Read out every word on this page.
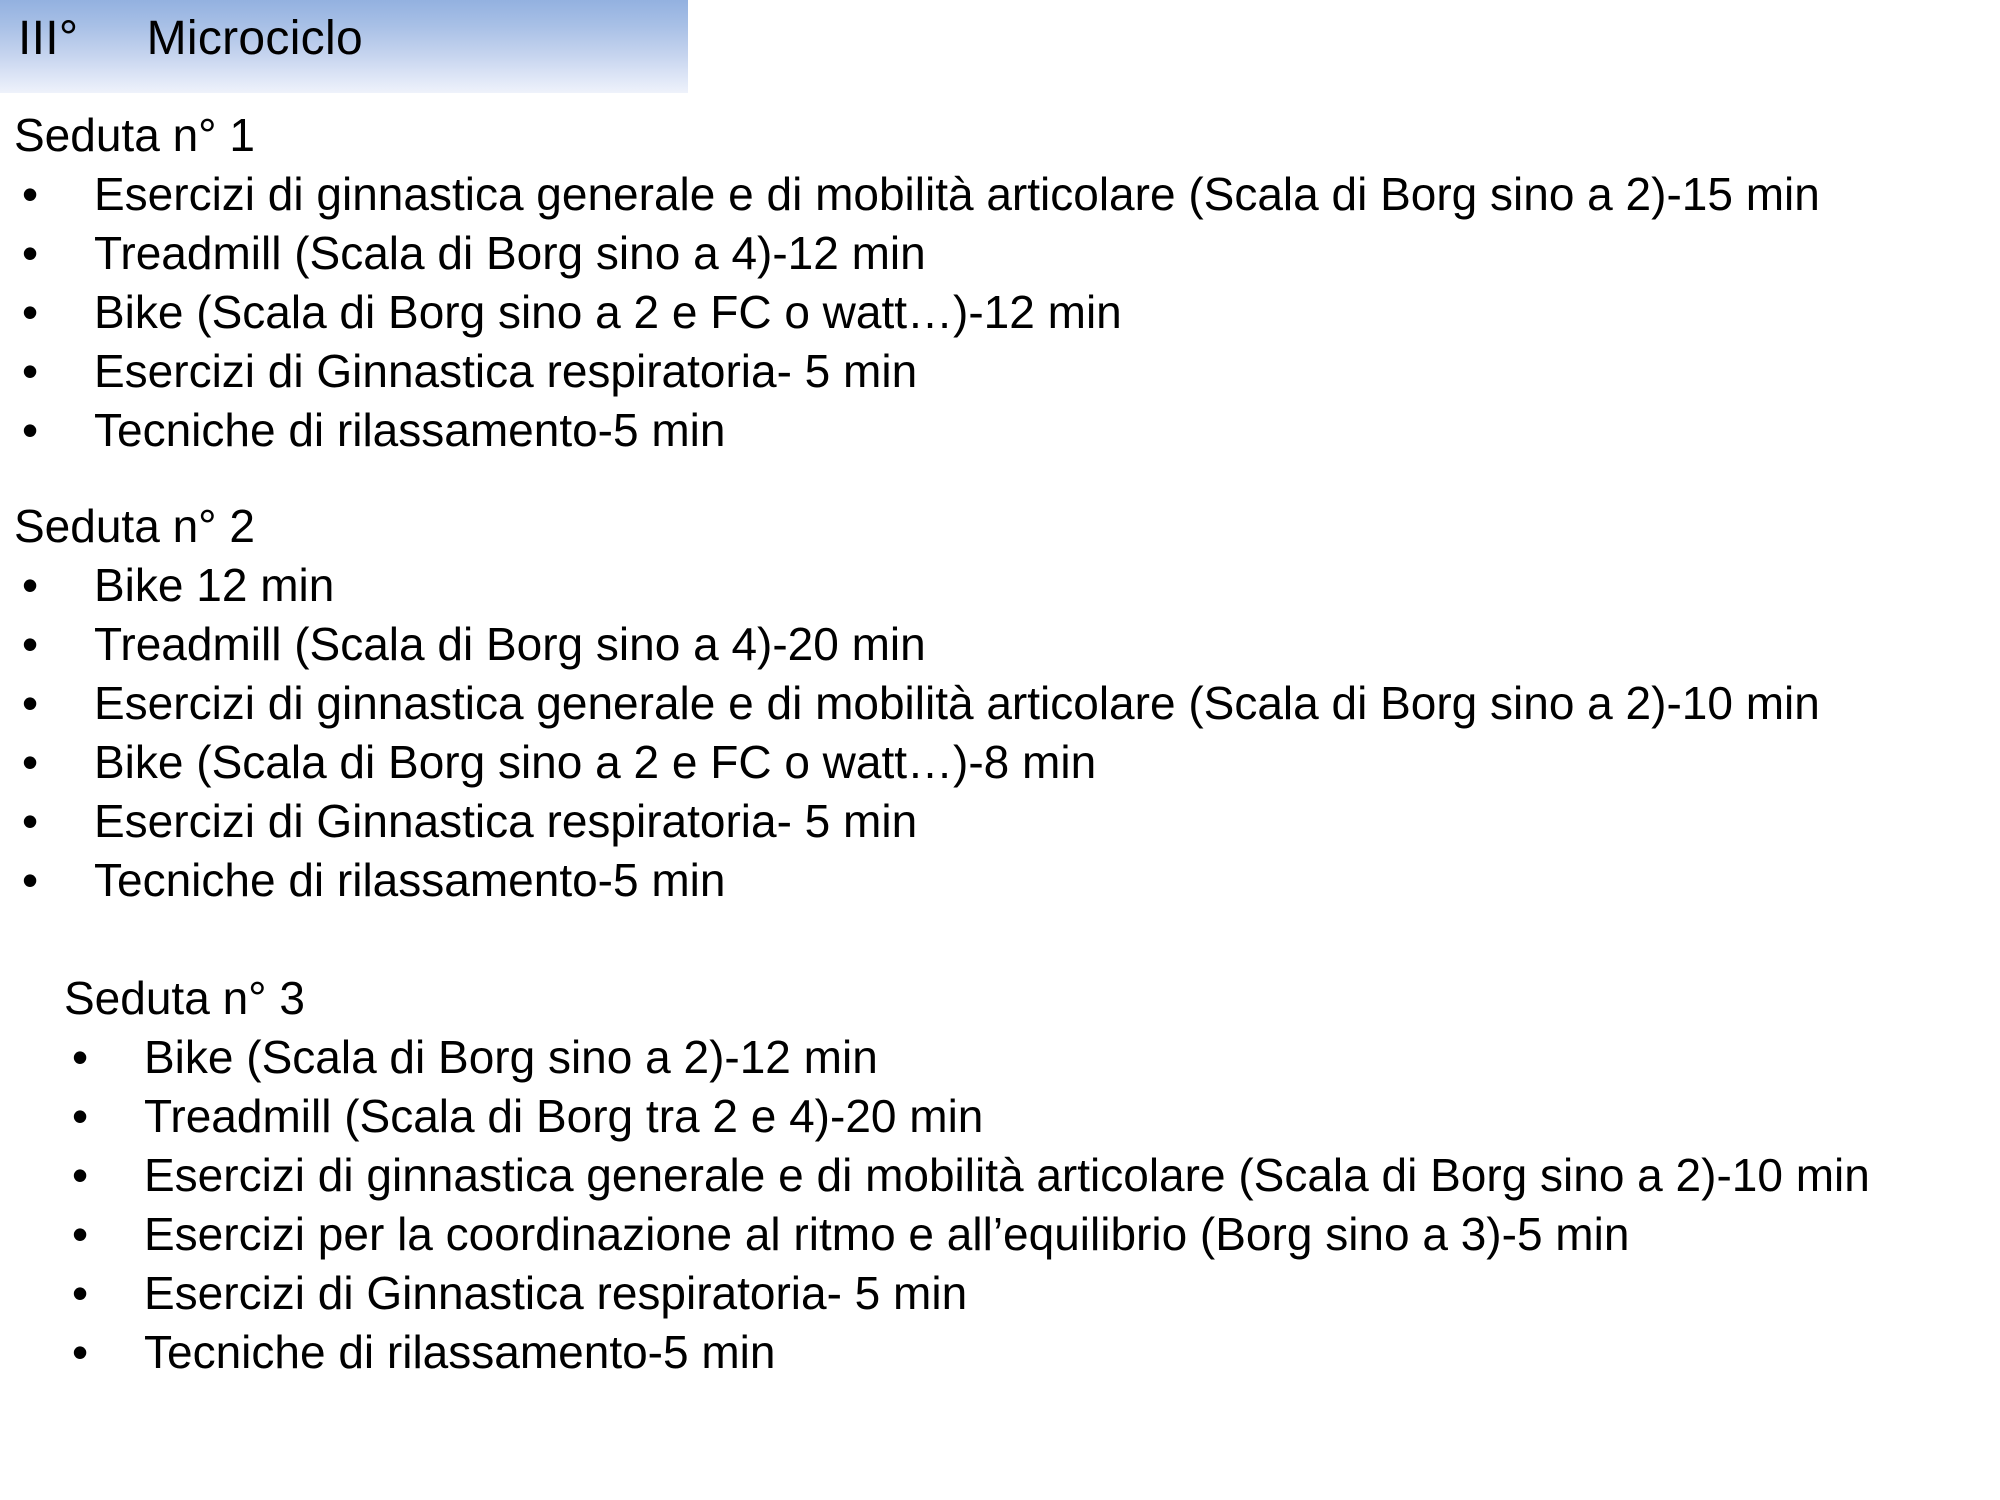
III°     Microciclo
Seduta n° 1
• Esercizi di ginnastica generale e di mobilità articolare (Scala di Borg sino a 2)-15 min
• Treadmill (Scala di Borg sino a 4)-12 min
• Bike (Scala di Borg sino a 2 e FC o watt…)-12 min
• Esercizi di Ginnastica respiratoria- 5 min
• Tecniche di rilassamento-5 min
Seduta n° 2
• Bike 12 min
• Treadmill (Scala di Borg sino a 4)-20 min
• Esercizi di ginnastica generale e di mobilità articolare (Scala di Borg sino a 2)-10 min
• Bike (Scala di Borg sino a 2 e FC o watt…)-8 min
• Esercizi di Ginnastica respiratoria- 5 min
• Tecniche di rilassamento-5 min
Seduta n° 3
• Bike (Scala di Borg sino a 2)-12 min
• Treadmill (Scala di Borg tra 2 e 4)-20 min
• Esercizi di ginnastica generale e di mobilità articolare (Scala di Borg sino a 2)-10 min
• Esercizi per la coordinazione al ritmo e all’equilibrio (Borg sino a 3)-5 min
• Esercizi di Ginnastica respiratoria- 5 min
• Tecniche di rilassamento-5 min
